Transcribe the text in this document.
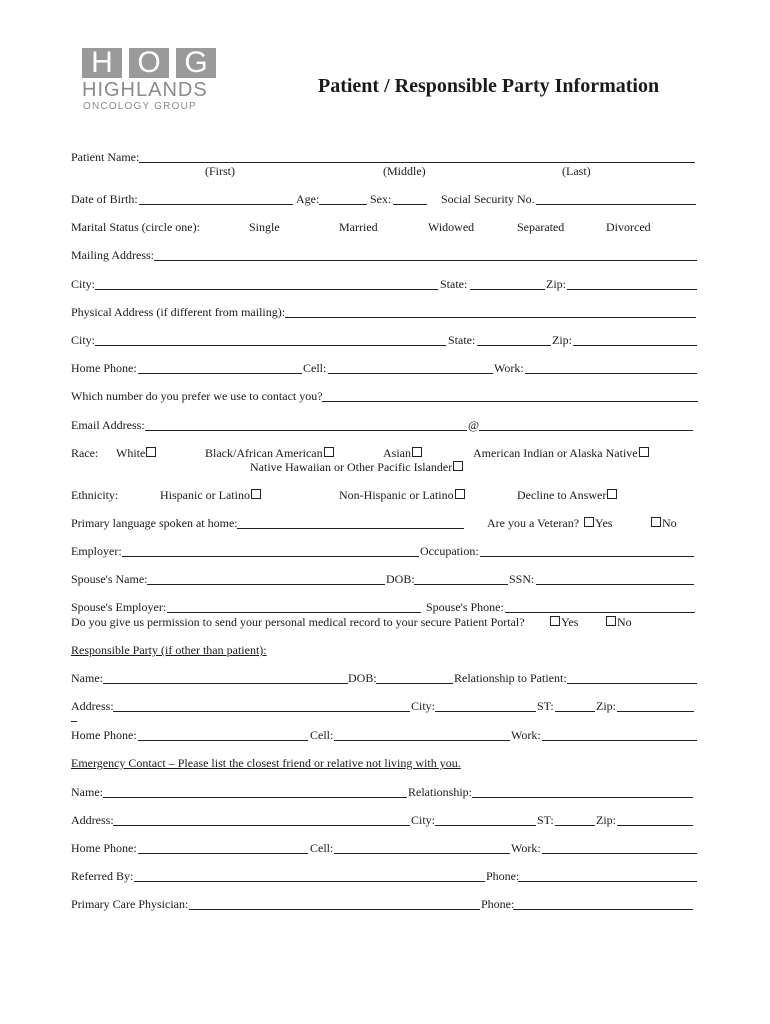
H O G
HIGHLANDS
ONCOLOGY GROUP
Patient / Responsible Party Information
Patient Name:
(First)	(Middle)	(Last)
Date of Birth:	Age:	Sex:	Social Security No.
Marital Status (circle one):	Single	Married	Widowed	Separated	Divorced
Mailing Address:
City:	State:	Zip:
Physical Address (if different from mailing):
City:	State:	Zip:
Home Phone:	Cell:	Work:
Which number do you prefer we use to contact you?
Email Address:	@
Race: White	Black/African American	Asian	American Indian or Alaska Native
Native Hawaiian or Other Pacific Islander
Ethnicity:	Hispanic or Latino	Non-Hispanic or Latino	Decline to Answer
Primary language spoken at home:	Are you a Veteran?	Yes	No
Employer:	Occupation:
Spouse's Name:	DOB:	SSN:
Spouse's Employer:	Spouse's Phone:
Do you give us permission to send your personal medical record to your secure Patient Portal?	Yes	No
Responsible Party (if other than patient):
Name:	DOB:	Relationship to Patient:
Address:	City:	ST:	Zip:
Home Phone:	Cell:	Work:
Emergency Contact – Please list the closest friend or relative not living with you.
Name:	Relationship:
Address:	City:	ST:	Zip:
Home Phone:	Cell:	Work:
Referred By:	Phone:
Primary Care Physician:	Phone:
